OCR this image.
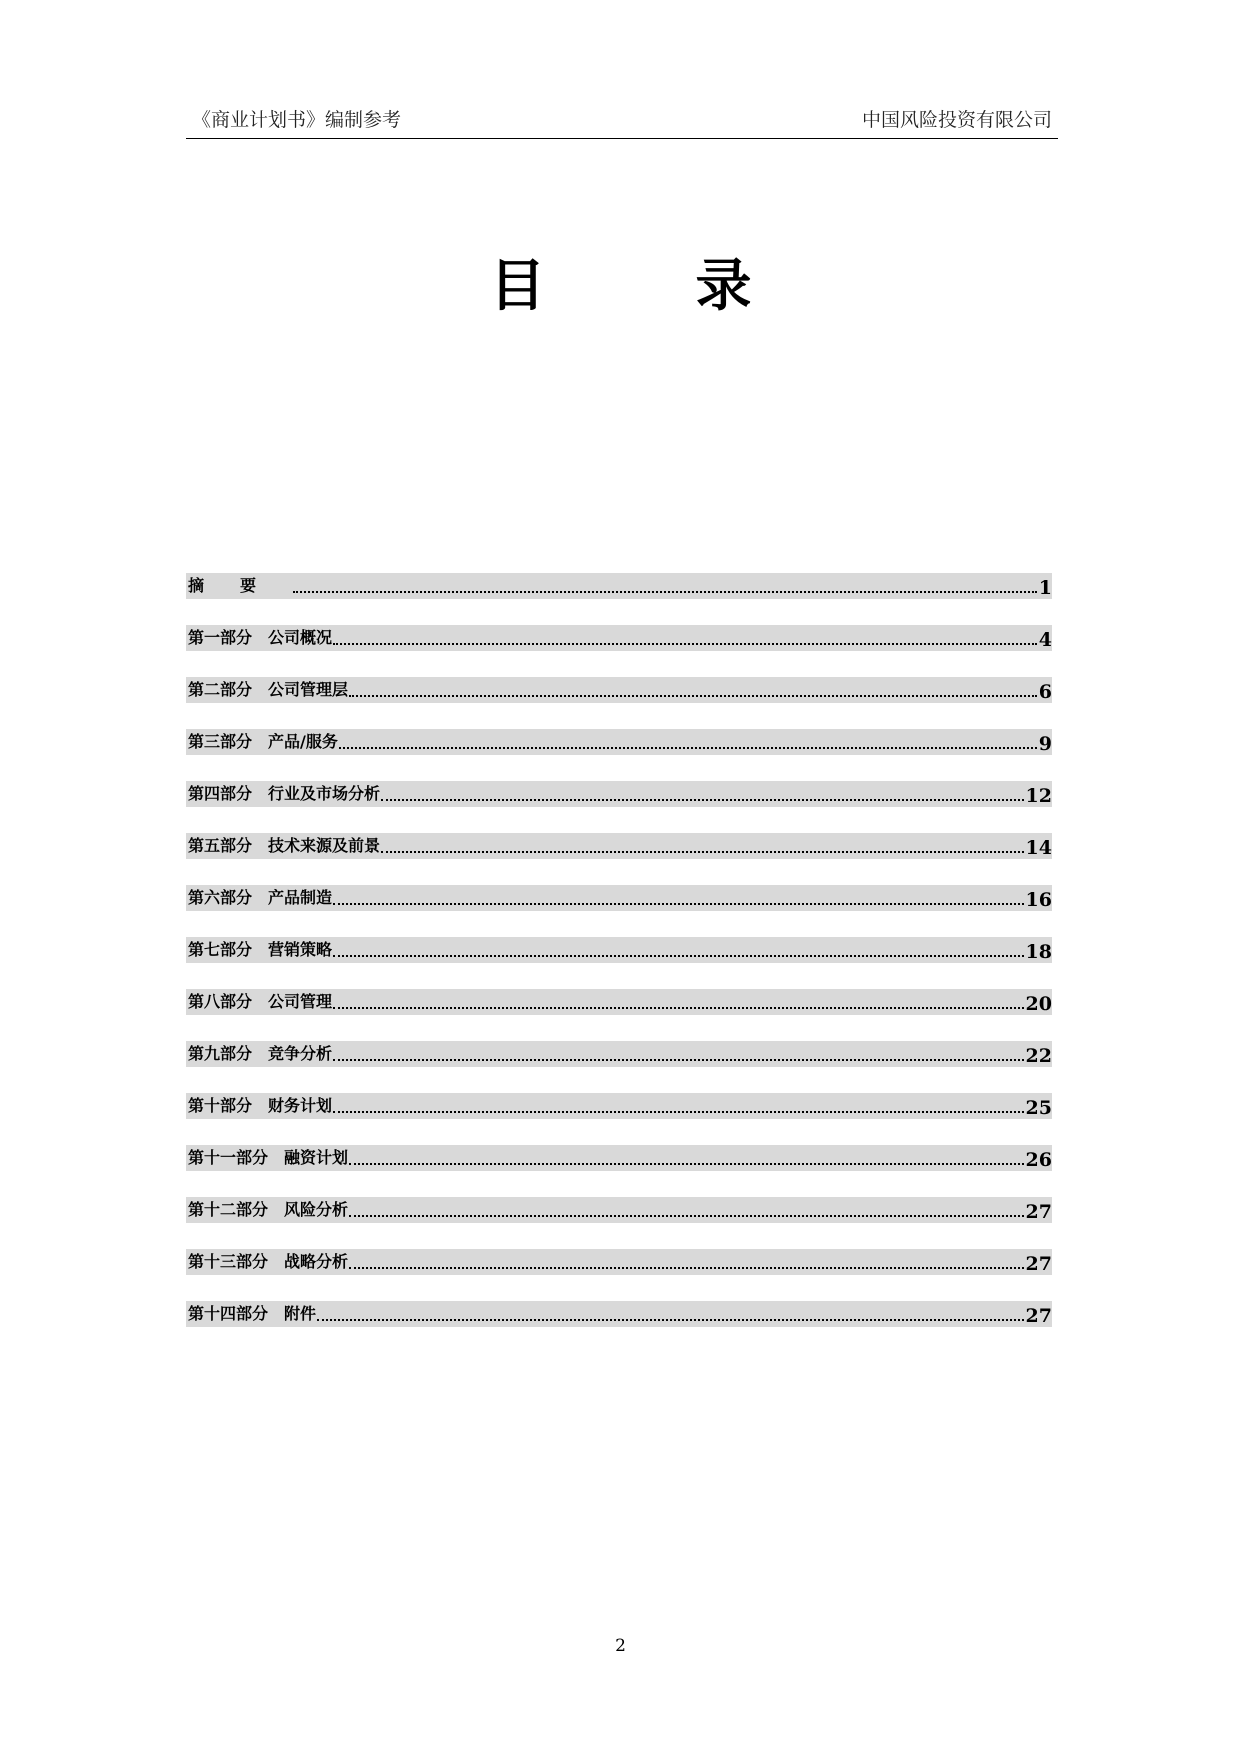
《商业计划书》编制参考	中国风险投资有限公司
目	录
摘要	1
第一部分　公司概况	4
第二部分　公司管理层	6
第三部分　产品/服务	9
第四部分　行业及市场分析	12
第五部分　技术来源及前景	14
第六部分　产品制造	16
第七部分　营销策略	18
第八部分　公司管理	20
第九部分　竞争分析	22
第十部分　财务计划	25
第十一部分　融资计划	26
第十二部分　风险分析	27
第十三部分　战略分析	27
第十四部分　附件	27
2
